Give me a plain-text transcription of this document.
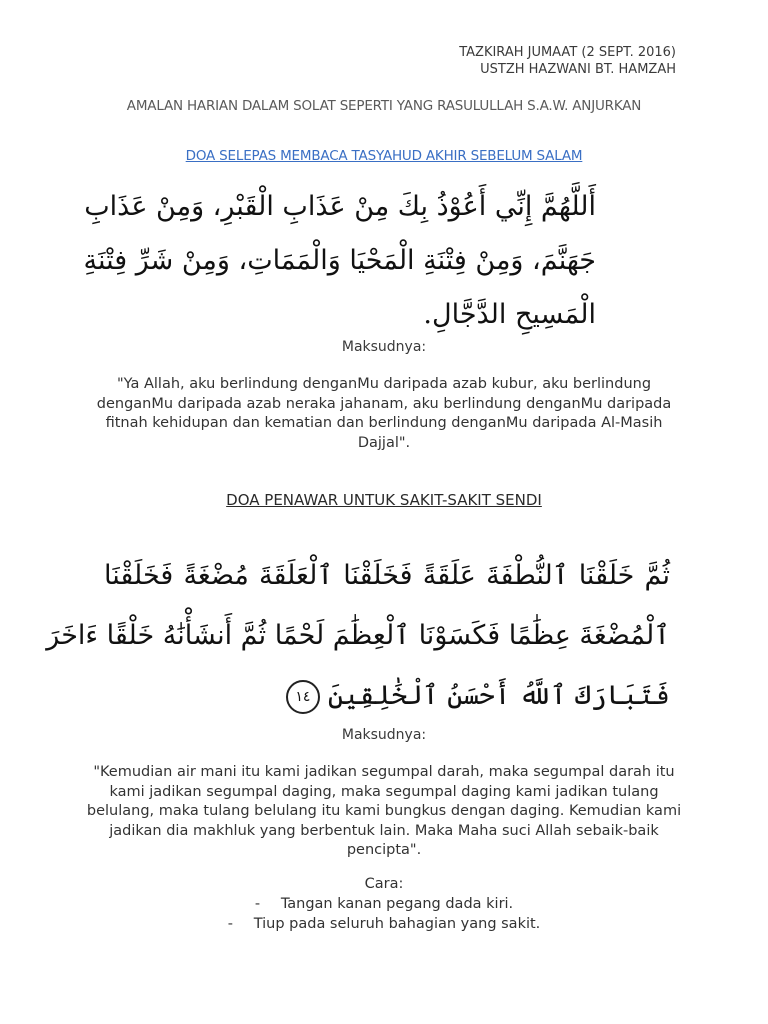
TAZKIRAH JUMAAT (2 SEPT. 2016)
USTZH HAZWANI BT. HAMZAH
AMALAN HARIAN DALAM SOLAT SEPERTI YANG RASULULLAH S.A.W. ANJURKAN
DOA SELEPAS MEMBACA TASYAHUD AKHIR SEBELUM SALAM
أَللَّهُمَّ إِنِّي أَعُوْذُ بِكَ مِنْ عَذَابِ الْقَبْرِ، وَمِنْ عَذَابِ
جَهَنَّمَ، وَمِنْ فِتْنَةِ الْمَحْيَا وَالْمَمَاتِ، وَمِنْ شَرِّ فِتْنَةِ
الْمَسِيحِ الدَّجَّالِ.
Maksudnya:
"Ya Allah, aku berlindung denganMu daripada azab kubur, aku berlindung denganMu daripada azab neraka jahanam, aku berlindung denganMu daripada fitnah kehidupan dan kematian dan berlindung denganMu daripada Al-Masih Dajjal".
DOA PENAWAR UNTUK SAKIT-SAKIT SENDI
ثُمَّ خَلَقْنَا ٱلنُّطْفَةَ عَلَقَةً فَخَلَقْنَا ٱلْعَلَقَةَ مُضْغَةً فَخَلَقْنَا
ٱلْمُضْغَةَ عِظَٰمًا فَكَسَوْنَا ٱلْعِظَٰمَ لَحْمًا ثُمَّ أَنشَأْنَٰهُ خَلْقًا ءَاخَرَ
فَتَبَارَكَ ٱللَّهُ أَحْسَنُ ٱلْخَٰلِقِينَ١٤
Maksudnya:
"Kemudian air mani itu kami jadikan segumpal darah, maka segumpal darah itu kami jadikan segumpal daging, maka segumpal daging kami jadikan tulang belulang, maka tulang belulang itu kami bungkus dengan daging. Kemudian kami jadikan dia makhluk yang berbentuk lain. Maka Maha suci Allah sebaik-baik pencipta".
Cara:
- Tangan kanan pegang dada kiri.
- Tiup pada seluruh bahagian yang sakit.
